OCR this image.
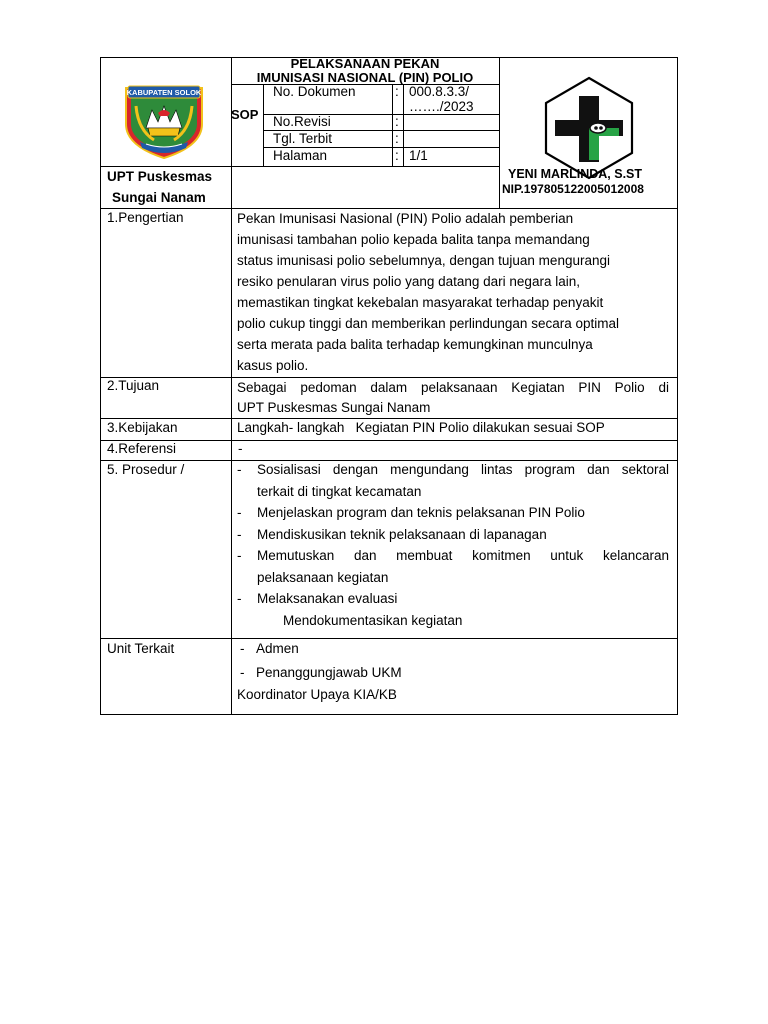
KABUPATEN SOLOK
PELAKSANAAN PEKAN
IMUNISASI NASIONAL (PIN) POLIO
SOP
No. Dokumen	: 000.8.3.3/
……./2023
No.Revisi	:
Tgl. Terbit	:
Halaman	: 1/1
UPT Puskesmas
Sungai Nanam
YENI MARLINDA, S.ST
NIP.197805122005012008
1.Pengertian	Pekan Imunisasi Nasional (PIN) Polio adalah pemberian
imunisasi tambahan polio kepada balita tanpa memandang
status imunisasi polio sebelumnya, dengan tujuan mengurangi
resiko penularan virus polio yang datang dari negara lain,
memastikan tingkat kekebalan masyarakat terhadap penyakit
polio cukup tinggi dan memberikan perlindungan secara optimal
serta merata pada balita terhadap kemungkinan munculnya
kasus polio.
2.Tujuan	Sebagai pedoman dalam pelaksanaan Kegiatan PIN Polio di
UPT Puskesmas Sungai Nanam
3.Kebijakan	Langkah- langkah   Kegiatan PIN Polio dilakukan sesuai SOP
4.Referensi	-
5. Prosedur /	- Sosialisasi dengan mengundang lintas program dan sektoral
terkait di tingkat kecamatan
- Menjelaskan program dan teknis pelaksanan PIN Polio
- Mendiskusikan teknik pelaksanaan di lapanagan
- Memutuskan dan membuat komitmen untuk kelancaran
pelaksanaan kegiatan
- Melaksanakan evaluasi
Mendokumentasikan kegiatan
Unit Terkait	- Admen
- Penanggungjawab UKM
Koordinator Upaya KIA/KB
